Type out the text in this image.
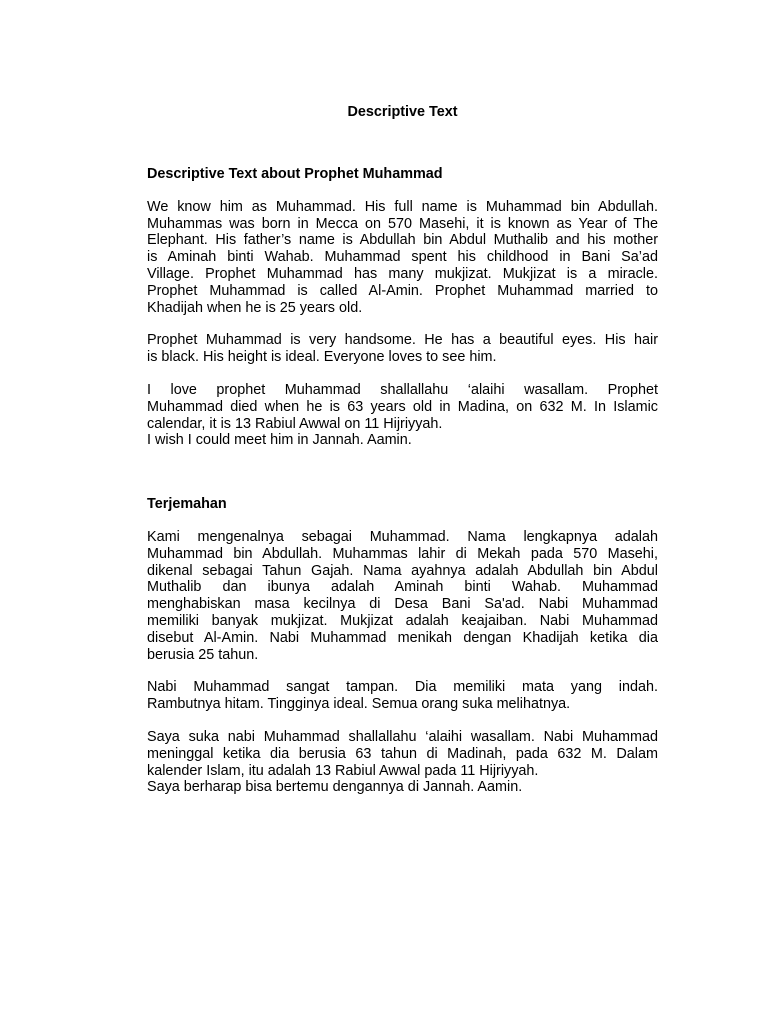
Descriptive Text
Descriptive Text about Prophet Muhammad
We know him as Muhammad. His full name is Muhammad bin Abdullah.
Muhammas was born in Mecca on 570 Masehi, it is known as Year of The
Elephant. His father’s name is Abdullah bin Abdul Muthalib and his mother
is Aminah binti Wahab. Muhammad spent his childhood in Bani Sa’ad
Village. Prophet Muhammad has many mukjizat. Mukjizat is a miracle.
Prophet Muhammad is called Al-Amin. Prophet Muhammad married to
Khadijah when he is 25 years old.
Prophet Muhammad is very handsome. He has a beautiful eyes. His hair
is black. His height is ideal. Everyone loves to see him.
I love prophet Muhammad shallallahu ‘alaihi wasallam. Prophet
Muhammad died when he is 63 years old in Madina, on 632 M. In Islamic
calendar, it is 13 Rabiul Awwal on 11 Hijriyyah.
I wish I could meet him in Jannah. Aamin.
Terjemahan
Kami mengenalnya sebagai Muhammad. Nama lengkapnya adalah
Muhammad bin Abdullah. Muhammas lahir di Mekah pada 570 Masehi,
dikenal sebagai Tahun Gajah. Nama ayahnya adalah Abdullah bin Abdul
Muthalib dan ibunya adalah Aminah binti Wahab. Muhammad
menghabiskan masa kecilnya di Desa Bani Sa'ad. Nabi Muhammad
memiliki banyak mukjizat. Mukjizat adalah keajaiban. Nabi Muhammad
disebut Al-Amin. Nabi Muhammad menikah dengan Khadijah ketika dia
berusia 25 tahun.
Nabi Muhammad sangat tampan. Dia memiliki mata yang indah.
Rambutnya hitam. Tingginya ideal. Semua orang suka melihatnya.
Saya suka nabi Muhammad shallallahu ‘alaihi wasallam. Nabi Muhammad
meninggal ketika dia berusia 63 tahun di Madinah, pada 632 M. Dalam
kalender Islam, itu adalah 13 Rabiul Awwal pada 11 Hijriyyah.
Saya berharap bisa bertemu dengannya di Jannah. Aamin.
